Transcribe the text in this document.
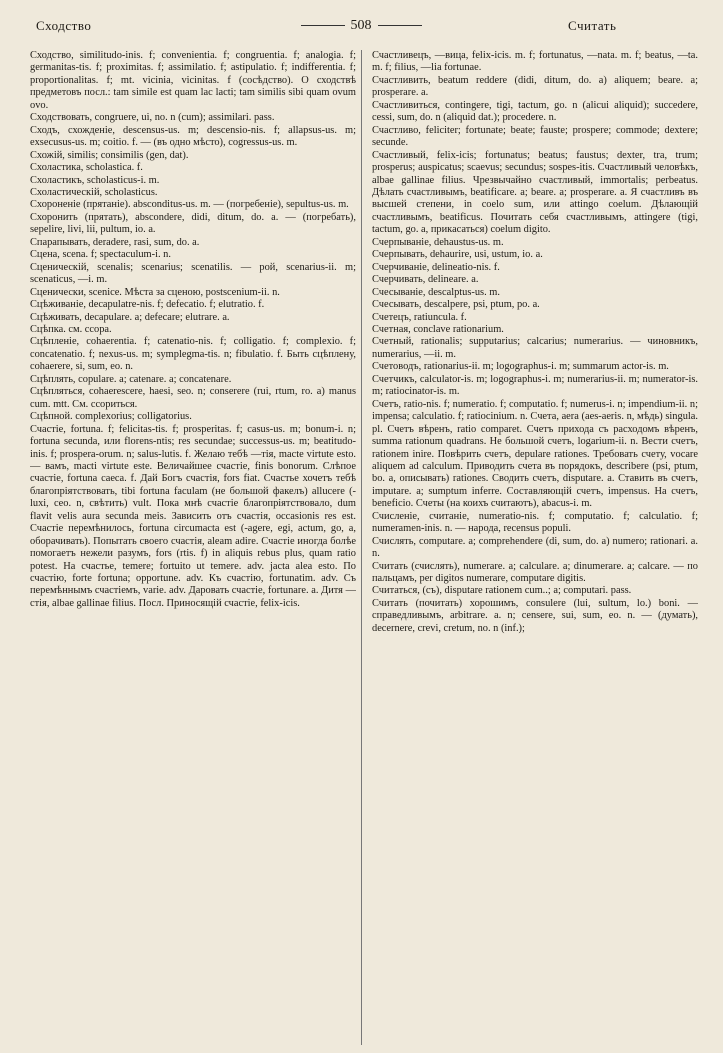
Сходство	508	Считать

Сходство, similitudo-inis. f; convenientia. f; congruentia. f; analogia. f; germanitas-tis. f; proximitas. f; assimilatio. f; astipulatio. f; indifferentia. f; proportionalitas. f; mt. vicinia, vicinitas. f (сосѣдство). О сходствѣ предметовъ посл.: tam simile est quam lac lacti; tam similis sibi quam ovum ovo.

Сходствовать, congruere, ui, no. n (cum); assimilari. pass.

Сходъ, схожденіе, descensus-us. m; descensio-nis. f; allapsus-us. m; exsecusus-us. m; coitio. f. — (въ одно мѣсто), cogressus-us. m.

Схожій, similis; consimilis (gen, dat).

Схоластика, scholastica. f.

Схоластикъ, scholasticus-i. m.

Схоластическій, scholasticus.

Схороненіе (прятаніе). absconditus-us. m. — (погребеніе), sepultus-us. m.

Схоронить (прятать), abscondere, didi, ditum, do. a. — (погребать), sepelire, livi, lii, pultum, io. a.

Спарапывать, deradere, rasi, sum, do. a.

Сцена, scena. f; spectaculum-i. n.

Сценическій, scenalis; scenarius; scenatilis. — рой, scenarius-ii. m; scenaticus, —i. m.

Сценически, scenice. Мѣста за сценою, postscenium-ii. n.

Сцѣживаніе, decapulatre-nis. f; defecatio. f; elutratio. f.

Сцѣживать, decapulare. a; defecare; elutrare. a.

Сцѣпка. см. ссора.

Сцѣпленіе, cohaerentia. f; catenatio-nis. f; colligatio. f; complexio. f; concatenatio. f; nexus-us. m; symplegma-tis. n; fibulatio. f. Быть сцѣплену, cohaerere, si, sum, eo. n.

Сцѣплять, copulare. a; catenare. a; concatenare.

Сцѣпляться, cohaerescere, haesi, seo. n; conserere (rui, rtum, ro. a) manus cum. mtt. См. ссориться.

Сцѣпной. complexorius; colligatorius.

Счастіе, fortuna. f; felicitas-tis. f; prosperitas. f; casus-us. m; bonum-i. n; fortuna secunda, или florens-ntis; res secundae; successus-us. m; beatitudo-inis. f; prospera-orum. n; salus-lutis. f. Желаю тебѣ —тія, macte virtute esto. — вамъ, macti virtute este. Величайшее счастіе, finis bonorum. Слѣпое счастіе, fortuna caeca. f. Дай Богъ счастія, fors fiat. Счастье хочетъ тебѣ благопріятствовать, tibi fortuna faculam (не большой факелъ) allucere (-luxi, ceo. n, свѣтить) vult. Пока мнѣ счастіе благопріятствовало, dum flavit velis aura secunda meis. Зависить отъ счастія, occasionis res est. Счастіе перемѣнилось, fortuna circumacta est (-agere, egi, actum, go, a, оборачивать). Попытать своего счастія, aleam adire. Счастіе иногда болѣе помогаетъ нежели разумъ, fors (rtis. f) in aliquis rebus plus, quam ratio potest. На счастье, temere; fortuito ut temere. adv. jacta alea esto. По счастію, forte fortuna; opportune. adv. Къ счастію, fortunatim. adv. Съ перемѣннымъ счастіемъ, varie. adv. Даровать счастіе, fortunare. a. Дитя —стія, albae gallinae filius. Посл. Приносящій счастіе, felix-icis.

Счастливецъ, —вица, felix-icis. m. f; fortunatus, —nata. m. f; beatus, —ta. m. f; filius, —lia fortunae.

Счастливить, beatum reddere (didi, ditum, do. a) aliquem; beare. a; prosperare. a.

Счастливиться, contingere, tigi, tactum, go. n (alicui aliquid); succedere, cessi, sum, do. n (aliquid dat.); procedere. n.

Счастливо, feliciter; fortunate; beate; fauste; prospere; commode; dextere; secunde.

Счастливый, felix-icis; fortunatus; beatus; faustus; dexter, tra, trum; prosperus; auspicatus; scaevus; secundus; sospes-itis. Счастливый человѣкъ, albae gallinae filius. Чрезвычайно счастливый, immortalis; perbeatus. Дѣлать счастливымъ, beatificare. a; beare. a; prosperare. a. Я счастливъ въ высшей степени, in coelo sum, или attingo coelum. Дѣлающій счастливымъ, beatificus. Почитать себя счастливымъ, attingere (tigi, tactum, go. a, прикасаться) coelum digito.

Счерпываніе, dehaustus-us. m.

Счерпывать, dehaurire, usi, ustum, io. a.

Счерчиваніе, delineatio-nis. f.

Счерчивать, delineare. a.

Счесываніе, descalptus-us. m.

Счесывать, descalpere, psi, ptum, po. a.

Счетецъ, ratiuncula. f.

Счетная, conclave rationarium.

Счетный, rationalis; supputarius; calcarius; numerarius. — чиновникъ, numerarius, —ii. m.

Счетоводъ, rationarius-ii. m; logographus-i. m; summarum actor-is. m.

Счетчикъ, calculator-is. m; logographus-i. m; numerarius-ii. m; numerator-is. m; ratiocinator-is. m.

Счетъ, ratio-nis. f; numeratio. f; computatio. f; numerus-i. n; impendium-ii. n; impensa; calculatio. f; ratiocinium. n. Счета, aera (aes-aeris. n, мѣдь) singula. pl. Счетъ вѣренъ, ratio comparet. Счетъ прихода съ расходомъ вѣренъ, summa rationum quadrans. Не большой счетъ, logarium-ii. n. Вести счетъ, rationem inire. Повѣрить счетъ, depulare rationes. Требовать счету, vocare aliquem ad calculum. Приводить счета въ порядокъ, describere (psi, ptum, bo. a, описывать) rationes. Сводить счетъ, disputare. a. Ставить въ счетъ, imputare. a; sumptum inferre. Составляющій счетъ, impensus. На счетъ, beneficio. Счеты (на коихъ считаютъ), abacus-i. m.

Счисленіе, считаніе, numeratio-nis. f; computatio. f; calculatio. f; numeramen-inis. n. — народа, recensus populi.

Счислять, computare. a; comprehendere (di, sum, do. a) numero; rationari. a. n.

Считать (счислять), numerare. a; calculare. a; dinumerare. a; calcare. — по пальцамъ, per digitos numerare, computare digitis.

Считаться, (съ), disputare rationem cum..; a; computari. pass.

Считать (почитать) хорошимъ, consulere (lui, sultum, lo.) boni. — справедливымъ, arbitrare. a. n; censere, sui, sum, eo. n. — (думать), decernere, crevi, cretum, no. n (inf.);
